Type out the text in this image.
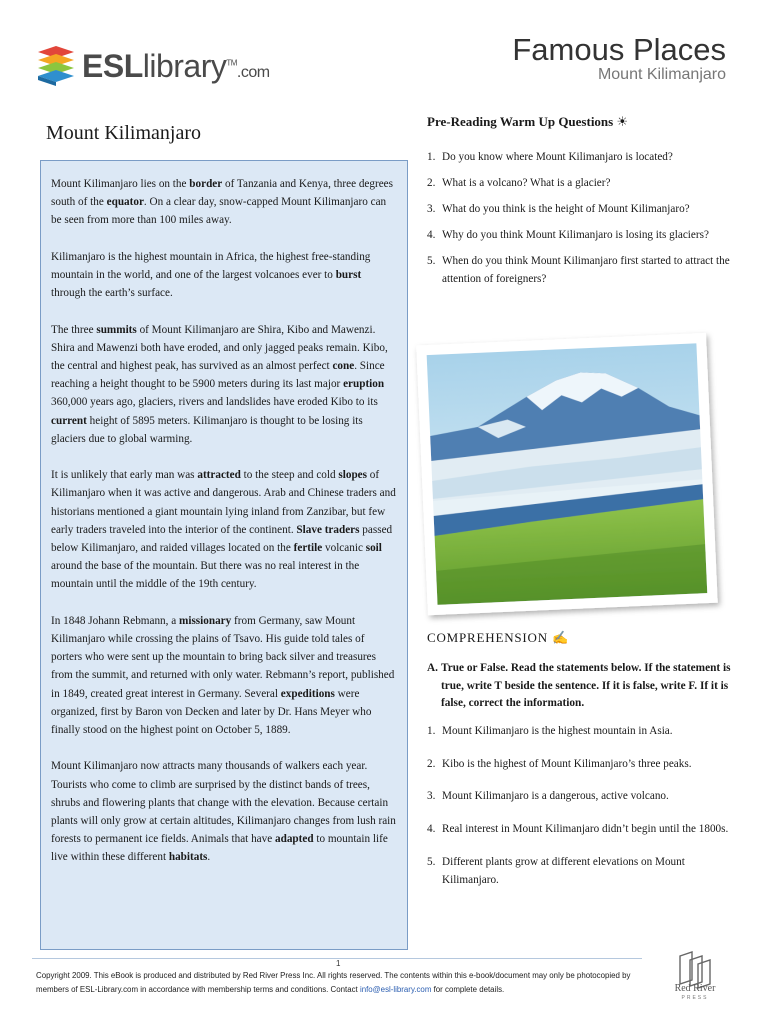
ESLlibrary™.com
Famous Places
Mount Kilimanjaro
Mount Kilimanjaro

Mount Kilimanjaro lies on the border of Tanzania and Kenya, three degrees south of the equator. On a clear day, snow-capped Mount Kilimanjaro can be seen from more than 100 miles away.

Kilimanjaro is the highest mountain in Africa, the highest free-standing mountain in the world, and one of the largest volcanoes ever to burst through the earth’s surface.

The three summits of Mount Kilimanjaro are Shira, Kibo and Mawenzi. Shira and Mawenzi both have eroded, and only jagged peaks remain. Kibo, the central and highest peak, has survived as an almost perfect cone. Since reaching a height thought to be 5900 meters during its last major eruption 360,000 years ago, glaciers, rivers and landslides have eroded Kibo to its current height of 5895 meters. Kilimanjaro is thought to be losing its glaciers due to global warming.

It is unlikely that early man was attracted to the steep and cold slopes of Kilimanjaro when it was active and dangerous. Arab and Chinese traders and historians mentioned a giant mountain lying inland from Zanzibar, but few early traders traveled into the interior of the continent. Slave traders passed below Kilimanjaro, and raided villages located on the fertile volcanic soil around the base of the mountain. But there was no real interest in the mountain until the middle of the 19th century.

In 1848 Johann Rebmann, a missionary from Germany, saw Mount Kilimanjaro while crossing the plains of Tsavo. His guide told tales of porters who were sent up the mountain to bring back silver and treasures from the summit, and returned with only water. Rebmann’s report, published in 1849, created great interest in Germany. Several expeditions were organized, first by Baron von Decken and later by Dr. Hans Meyer who finally stood on the highest point on October 5, 1889.

Mount Kilimanjaro now attracts many thousands of walkers each year. Tourists who come to climb are surprised by the distinct bands of trees, shrubs and flowering plants that change with the elevation. Because certain plants will only grow at certain altitudes, Kilimanjaro changes from lush rain forests to permanent ice fields. Animals that have adapted to mountain life live within these different habitats.

Pre-Reading Warm Up Questions ☀
1. Do you know where Mount Kilimanjaro is located?
2. What is a volcano? What is a glacier?
3. What do you think is the height of Mount Kilimanjaro?
4. Why do you think Mount Kilimanjaro is losing its glaciers?
5. When do you think Mount Kilimanjaro first started to attract the attention of foreigners?
COMPREHENSION ✍
A. True or False. Read the statements below. If the statement is true, write T beside the sentence. If it is false, write F. If it is false, correct the information.
1. Mount Kilimanjaro is the highest mountain in Asia.
2. Kibo is the highest of Mount Kilimanjaro’s three peaks.
3. Mount Kilimanjaro is a dangerous, active volcano.
4. Real interest in Mount Kilimanjaro didn’t begin until the 1800s.
5. Different plants grow at different elevations on Mount Kilimanjaro.
1
Copyright 2009. This eBook is produced and distributed by Red River Press Inc. All rights reserved. The contents within this e-book/document may only be photocopied by members of ESL-Library.com in accordance with membership terms and conditions. Contact info@esl-library.com for complete details.	Red River
PRESS
